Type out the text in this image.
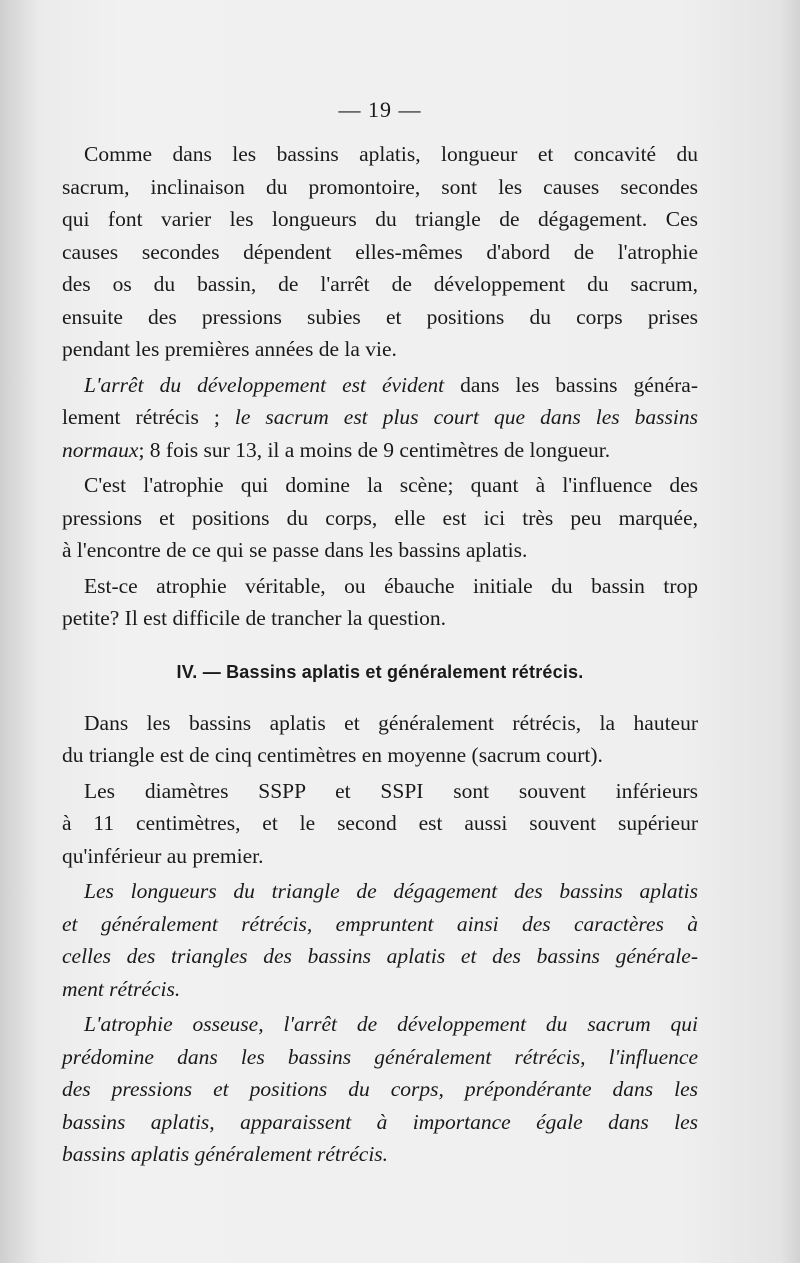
— 19 —

Comme dans les bassins aplatis, longueur et concavité du
sacrum, inclinaison du promontoire, sont les causes secondes
qui font varier les longueurs du triangle de dégagement. Ces
causes secondes dépendent elles-mêmes d'abord de l'atrophie
des os du bassin, de l'arrêt de développement du sacrum,
ensuite des pressions subies et positions du corps prises
pendant les premières années de la vie.

L'arrêt du développement est évident dans les bassins généra-
lement rétrécis ; le sacrum est plus court que dans les bassins
normaux; 8 fois sur 13, il a moins de 9 centimètres de longueur.

C'est l'atrophie qui domine la scène; quant à l'influence des
pressions et positions du corps, elle est ici très peu marquée,
à l'encontre de ce qui se passe dans les bassins aplatis.

Est-ce atrophie véritable, ou ébauche initiale du bassin trop
petite? Il est difficile de trancher la question.

IV. — Bassins aplatis et généralement rétrécis.

Dans les bassins aplatis et généralement rétrécis, la hauteur
du triangle est de cinq centimètres en moyenne (sacrum court).

Les diamètres SSPP et SSPI sont souvent inférieurs
à 11 centimètres, et le second est aussi souvent supérieur
qu'inférieur au premier.

Les longueurs du triangle de dégagement des bassins aplatis
et généralement rétrécis, empruntent ainsi des caractères à
celles des triangles des bassins aplatis et des bassins générale-
ment rétrécis.

L'atrophie osseuse, l'arrêt de développement du sacrum qui
prédomine dans les bassins généralement rétrécis, l'influence
des pressions et positions du corps, prépondérante dans les
bassins aplatis, apparaissent à importance égale dans les
bassins aplatis généralement rétrécis.
